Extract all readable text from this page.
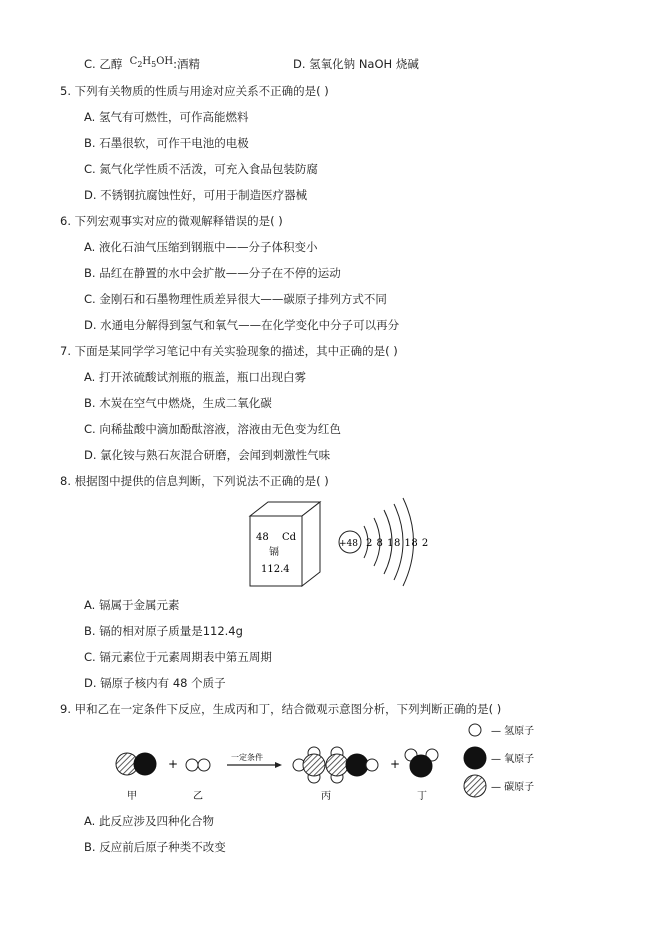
C. 乙醇 $C_2H_5OH$:酒精	D. 氢氧化钠 NaOH 烧碱
5. 下列有关物质的性质与用途对应关系不正确的是( )
A. 氢气有可燃性，可作高能燃料
B. 石墨很软，可作干电池的电极
C. 氮气化学性质不活泼，可充入食品包装防腐
D. 不锈钢抗腐蚀性好，可用于制造医疗器械
6. 下列宏观事实对应的微观解释错误的是( )
A. 液化石油气压缩到钢瓶中——分子体积变小
B. 品红在静置的水中会扩散——分子在不停的运动
C. 金刚石和石墨物理性质差异很大——碳原子排列方式不同
D. 水通电分解得到氢气和氧气——在化学变化中分子可以再分
7. 下面是某同学学习笔记中有关实验现象的描述，其中正确的是( )
A. 打开浓硫酸试剂瓶的瓶盖，瓶口出现白雾
B. 木炭在空气中燃烧，生成二氧化碳
C. 向稀盐酸中滴加酚酞溶液，溶液由无色变为红色
D. 氯化铵与熟石灰混合研磨，会闻到刺激性气味
8. 根据图中提供的信息判断，下列说法不正确的是( )
48 Cd
镉
112.4
+48 2 8 18 18 2
A. 镉属于金属元素
B. 镉的相对原子质量是112.4g
C. 镉元素位于元素周期表中第五周期
D. 镉原子核内有 48 个质子
9. 甲和乙在一定条件下反应，生成丙和丁，结合微观示意图分析，下列判断正确的是( )
甲
+
乙
一定条件
丙
+
丁
— 氢原子
— 氧原子
— 碳原子
A. 此反应涉及四种化合物
B. 反应前后原子种类不改变
